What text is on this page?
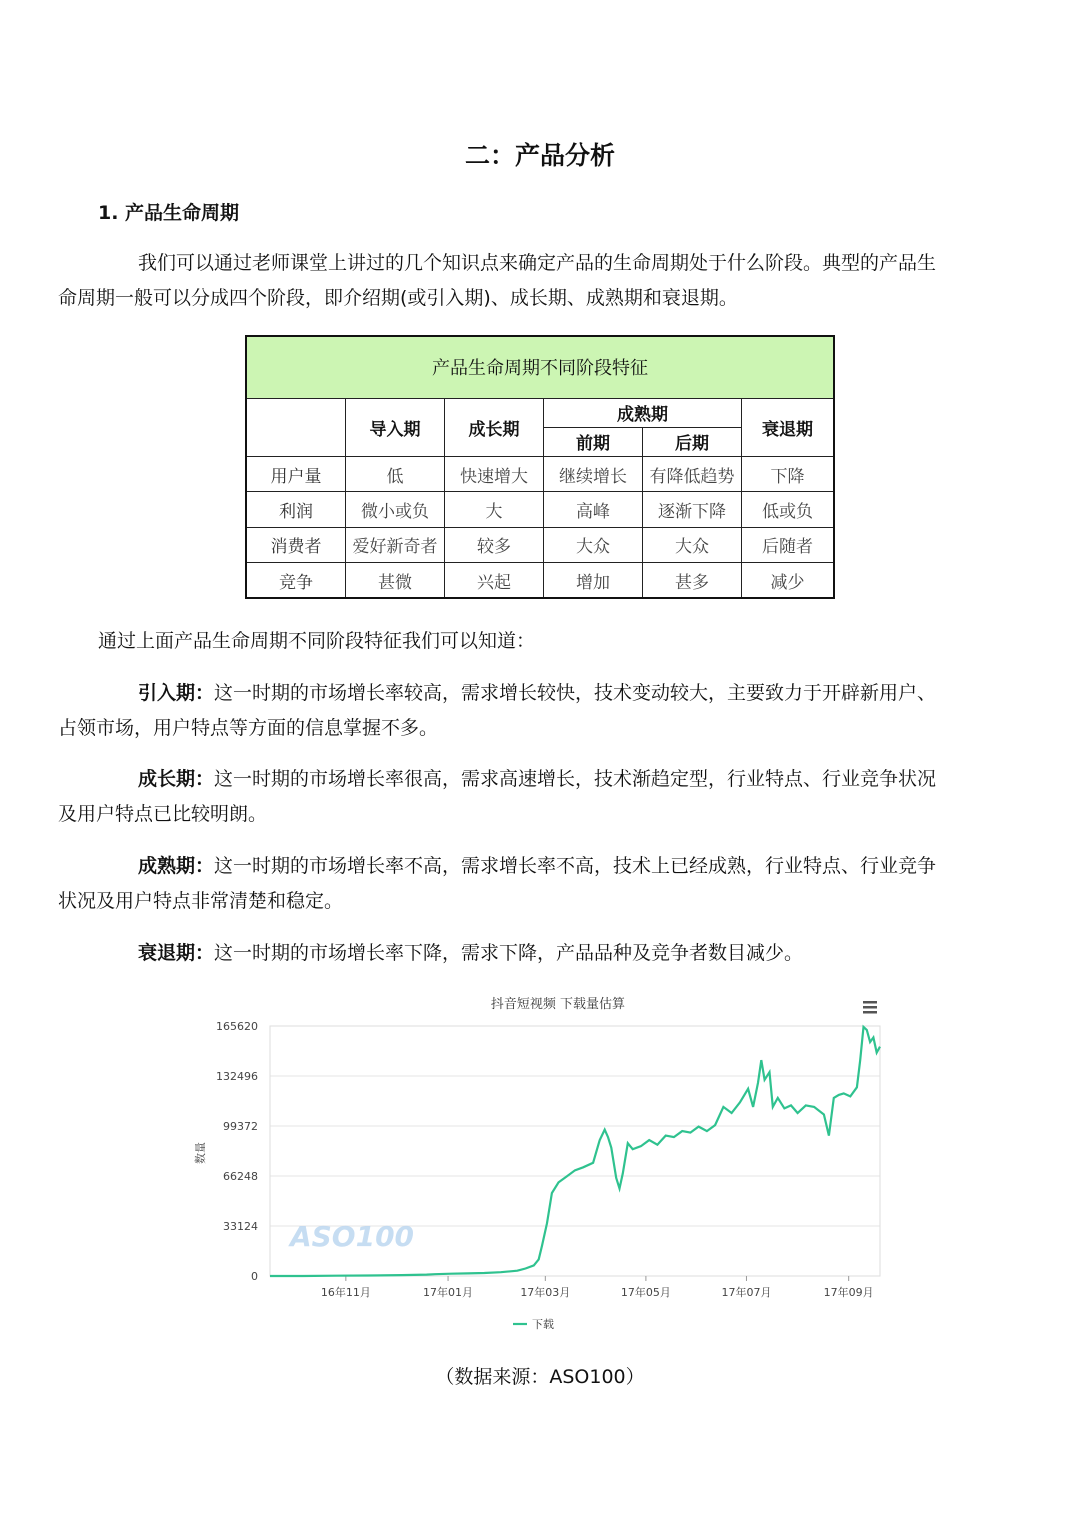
二：产品分析
1. 产品生命周期

我们可以通过老师课堂上讲过的几个知识点来确定产品的生命周期处于什么阶段。典型的产品生
命周期一般可以分成四个阶段，即介绍期(或引入期)、成长期、成熟期和衰退期。

产品生命周期不同阶段特征					
	导入期	成长期	成熟期		衰退期
			前期	后期	
用户量	低	快速增大	继续增长	有降低趋势	下降
利润	微小或负	大	高峰	逐渐下降	低或负
消费者	爱好新奇者	较多	大众	大众	后随者
竞争	甚微	兴起	增加	甚多	减少

通过上面产品生命周期不同阶段特征我们可以知道：

引入期：这一时期的市场增长率较高，需求增长较快，技术变动较大，主要致力于开辟新用户、
占领市场，用户特点等方面的信息掌握不多。

成长期：这一时期的市场增长率很高，需求高速增长，技术渐趋定型，行业特点、行业竞争状况
及用户特点已比较明朗。

成熟期：这一时期的市场增长率不高，需求增长率不高，技术上已经成熟，行业特点、行业竞争
状况及用户特点非常清楚和稳定。

衰退期：这一时期的市场增长率下降，需求下降，产品品种及竞争者数目减少。

抖音短视频 下载量估算
0
33124
66248
99372
132496
165620
16年11月	17年01月	17年03月	17年05月	17年07月	17年09月
数量
ASO100
下载
（数据来源：ASO100）
